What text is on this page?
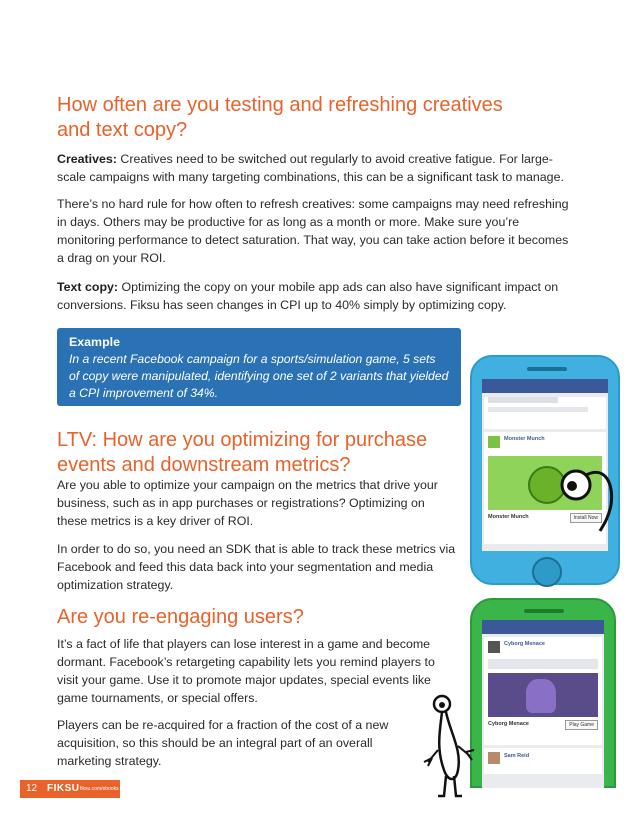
How often are you testing and refreshing creatives
and text copy?

Creatives: Creatives need to be switched out regularly to avoid creative fatigue. For large-scale campaigns with many targeting combinations, this can be a significant task to manage.

There’s no hard rule for how often to refresh creatives: some campaigns may need refreshing in days. Others may be productive for as long as a month or more. Make sure you’re monitoring performance to detect saturation. That way, you can take action before it becomes a drag on your ROI.

Text copy: Optimizing the copy on your mobile app ads can also have significant impact on conversions. Fiksu has seen changes in CPI up to 40% simply by optimizing copy.

Example
In a recent Facebook campaign for a sports/simulation game, 5 sets of copy were manipulated, identifying one set of 2 variants that yielded a CPI improvement of 34%.
LTV: How are you optimizing for purchase
events and downstream metrics?

Are you able to optimize your campaign on the metrics that drive your business, such as in app purchases or registrations? Optimizing on these metrics is a key driver of ROI.

In order to do so, you need an SDK that is able to track these metrics via Facebook and feed this data back into your segmentation and media optimization strategy.

Are you re-engaging users?

It’s a fact of life that players can lose interest in a game and become dormant. Facebook’s retargeting capability lets you remind players to visit your game. Use it to promote major updates, special events like game tournaments, or special offers.

Players can be re-acquired for a fraction of the cost of a new acquisition, so this should be an integral part of an overall marketing strategy.

Monster Munch
Monster Munch	Install Now
Cyborg Menace
Cyborg Menace	Play Game
Sam Reid
12 FIKSU fiksu.com/ebooks
